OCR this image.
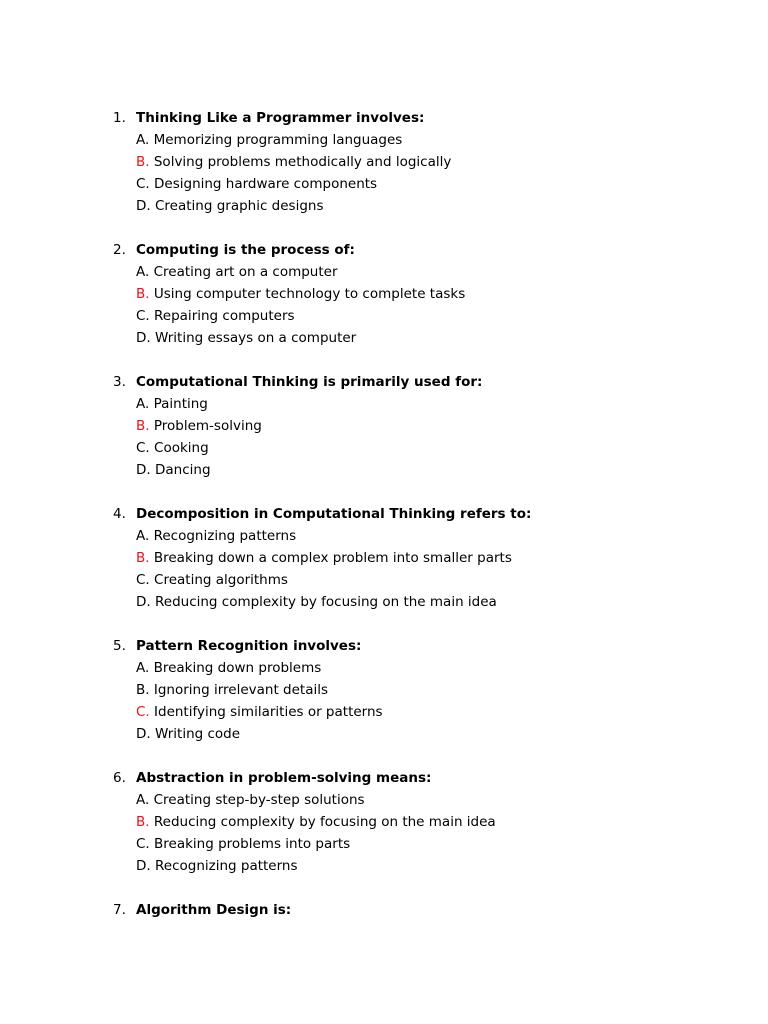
1. Thinking Like a Programmer involves:
A. Memorizing programming languages
B. Solving problems methodically and logically
C. Designing hardware components
D. Creating graphic designs
2. Computing is the process of:
A. Creating art on a computer
B. Using computer technology to complete tasks
C. Repairing computers
D. Writing essays on a computer
3. Computational Thinking is primarily used for:
A. Painting
B. Problem-solving
C. Cooking
D. Dancing
4. Decomposition in Computational Thinking refers to:
A. Recognizing patterns
B. Breaking down a complex problem into smaller parts
C. Creating algorithms
D. Reducing complexity by focusing on the main idea
5. Pattern Recognition involves:
A. Breaking down problems
B. Ignoring irrelevant details
C. Identifying similarities or patterns
D. Writing code
6. Abstraction in problem-solving means:
A. Creating step-by-step solutions
B. Reducing complexity by focusing on the main idea
C. Breaking problems into parts
D. Recognizing patterns
7. Algorithm Design is:
